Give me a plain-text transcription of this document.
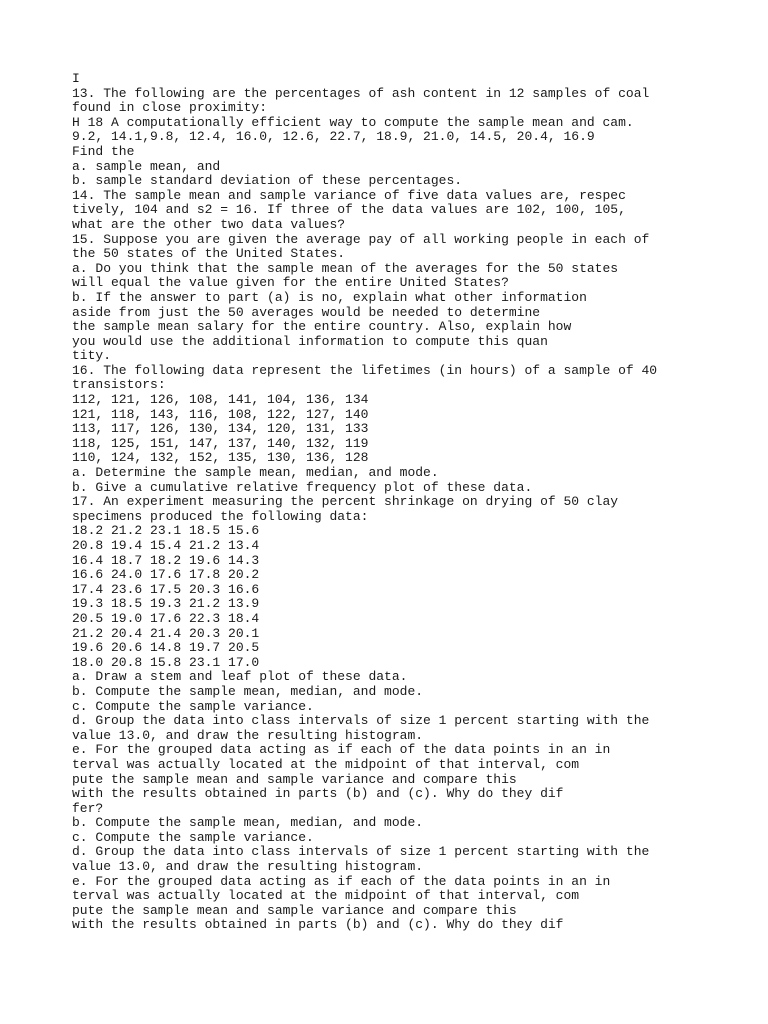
I
13. The following are the percentages of ash content in 12 samples of coal
found in close proximity:
H 18 A computationally efficient way to compute the sample mean and cam.
9.2, 14.1,9.8, 12.4, 16.0, 12.6, 22.7, 18.9, 21.0, 14.5, 20.4, 16.9
Find the
a. sample mean, and
b. sample standard deviation of these percentages.
14. The sample mean and sample variance of five data values are, respec
tively, 104 and s2 = 16. If three of the data values are 102, 100, 105,
what are the other two data values?
15. Suppose you are given the average pay of all working people in each of
the 50 states of the United States.
a. Do you think that the sample mean of the averages for the 50 states
will equal the value given for the entire United States?
b. If the answer to part (a) is no, explain what other information
aside from just the 50 averages would be needed to determine
the sample mean salary for the entire country. Also, explain how
you would use the additional information to compute this quan
tity.
16. The following data represent the lifetimes (in hours) of a sample of 40
transistors:
112, 121, 126, 108, 141, 104, 136, 134
121, 118, 143, 116, 108, 122, 127, 140
113, 117, 126, 130, 134, 120, 131, 133
118, 125, 151, 147, 137, 140, 132, 119
110, 124, 132, 152, 135, 130, 136, 128
a. Determine the sample mean, median, and mode.
b. Give a cumulative relative frequency plot of these data.
17. An experiment measuring the percent shrinkage on drying of 50 clay
specimens produced the following data:
18.2 21.2 23.1 18.5 15.6
20.8 19.4 15.4 21.2 13.4
16.4 18.7 18.2 19.6 14.3
16.6 24.0 17.6 17.8 20.2
17.4 23.6 17.5 20.3 16.6
19.3 18.5 19.3 21.2 13.9
20.5 19.0 17.6 22.3 18.4
21.2 20.4 21.4 20.3 20.1
19.6 20.6 14.8 19.7 20.5
18.0 20.8 15.8 23.1 17.0
a. Draw a stem and leaf plot of these data.
b. Compute the sample mean, median, and mode.
c. Compute the sample variance.
d. Group the data into class intervals of size 1 percent starting with the
value 13.0, and draw the resulting histogram.
e. For the grouped data acting as if each of the data points in an in
terval was actually located at the midpoint of that interval, com
pute the sample mean and sample variance and compare this
with the results obtained in parts (b) and (c). Why do they dif
fer?
b. Compute the sample mean, median, and mode.
c. Compute the sample variance.
d. Group the data into class intervals of size 1 percent starting with the
value 13.0, and draw the resulting histogram.
e. For the grouped data acting as if each of the data points in an in
terval was actually located at the midpoint of that interval, com
pute the sample mean and sample variance and compare this
with the results obtained in parts (b) and (c). Why do they dif
